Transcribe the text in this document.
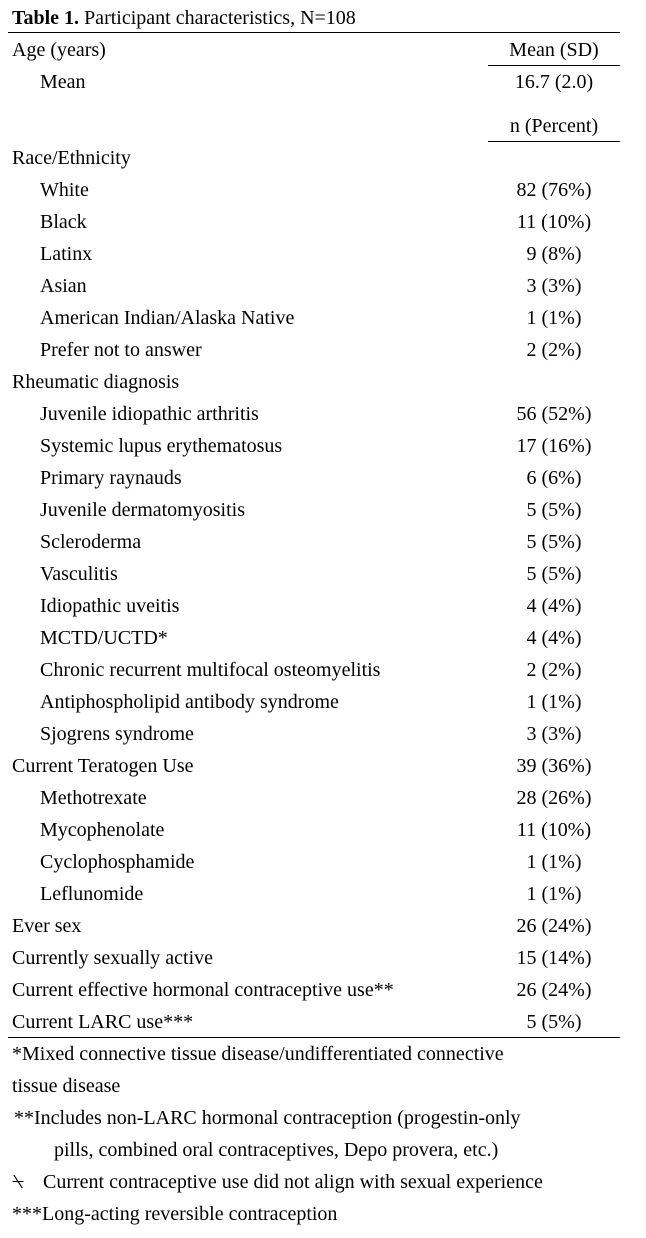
Table 1. Participant characteristics, N=108
Age (years)	Mean (SD)
Mean	16.7 (2.0)
n (Percent)
Race/Ethnicity
White	82 (76%)
Black	11 (10%)
Latinx	9 (8%)
Asian	3 (3%)
American Indian/Alaska Native	1 (1%)
Prefer not to answer	2 (2%)
Rheumatic diagnosis
Juvenile idiopathic arthritis	56 (52%)
Systemic lupus erythematosus	17 (16%)
Primary raynauds	6 (6%)
Juvenile dermatomyositis	5 (5%)
Scleroderma	5 (5%)
Vasculitis	5 (5%)
Idiopathic uveitis	4 (4%)
MCTD/UCTD*	4 (4%)
Chronic recurrent multifocal osteomyelitis	2 (2%)
Antiphospholipid antibody syndrome	1 (1%)
Sjogrens syndrome	3 (3%)
Current Teratogen Use	39 (36%)
Methotrexate	28 (26%)
Mycophenolate	11 (10%)
Cyclophosphamide	1 (1%)
Leflunomide	1 (1%)
Ever sex	26 (24%)
Currently sexually active	15 (14%)
Current effective hormonal contraceptive use**	26 (24%)
Current LARC use***	5 (5%)
*Mixed connective tissue disease/undifferentiated connective
tissue disease
**Includes non-LARC hormonal contraception (progestin-only
pills, combined oral contraceptives, Depo provera, etc.)
⍀ Current contraceptive use did not align with sexual experience
***Long-acting reversible contraception
